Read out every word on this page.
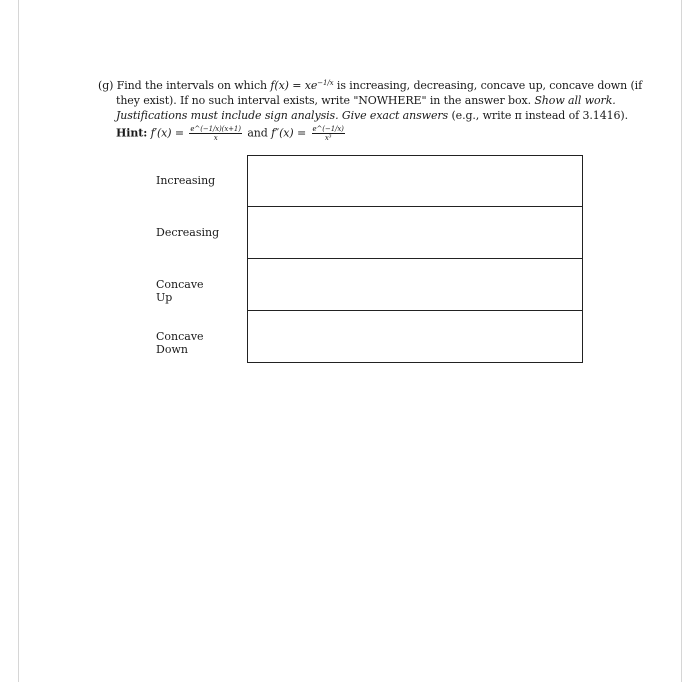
(g) Find the intervals on which $f(x) = xe^{-1/x}$ is increasing, decreasing, concave up, concave down (if
they exist). If no such interval exists, write "NOWHERE" in the answer box. Show all work.
Justifications must include sign analysis. Give exact answers (e.g., write π instead of 3.1416).
Hint: $f'(x) = \frac{e\^{}(-1/x)(x+1)}{x}$ and $f''(x) = \frac{e\^{}(-1/x)}{\text{x³}}$
Increasing
Decreasing
Concave Up
Concave Down
